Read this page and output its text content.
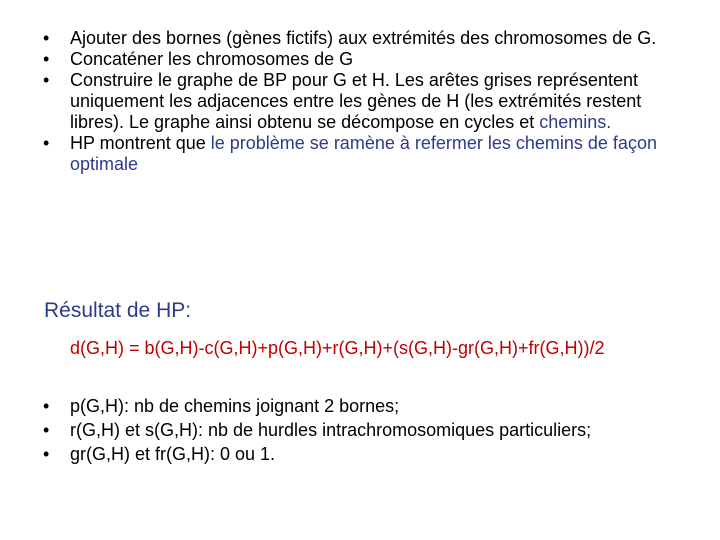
• Ajouter des bornes (gènes fictifs) aux extrémités des chromosomes de G.
• Concaténer les chromosomes de G
• Construire le graphe de BP pour G et H. Les arêtes grises représentent uniquement les adjacences entre les gènes de H (les extrémités restent libres). Le graphe ainsi obtenu se décompose en cycles et chemins.
• HP montrent que le problème se ramène à refermer les chemins de façon optimale
Résultat de HP:
d(G,H) = b(G,H)-c(G,H)+p(G,H)+r(G,H)+(s(G,H)-gr(G,H)+fr(G,H))/2
• p(G,H): nb de chemins joignant 2 bornes;
• r(G,H) et s(G,H): nb de hurdles intrachromosomiques particuliers;
• gr(G,H) et fr(G,H): 0 ou 1.
